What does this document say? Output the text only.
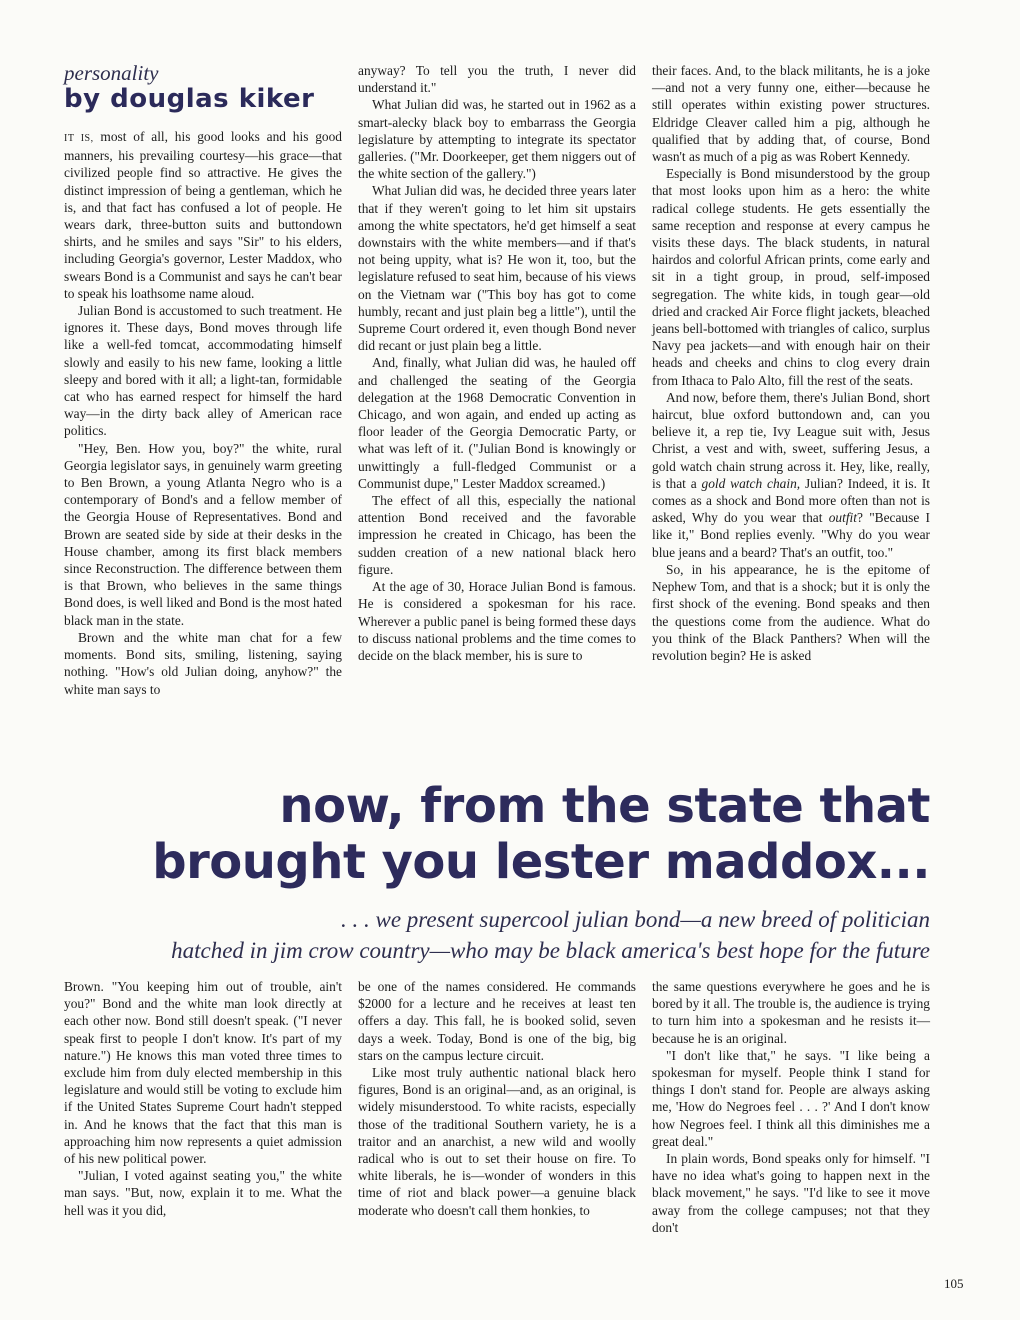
personality
by douglas kiker

IT IS, most of all, his good looks and his good manners, his prevailing courtesy—his grace—that civilized people find so attractive. He gives the distinct impression of being a gentleman, which he is, and that fact has confused a lot of people. He wears dark, three-button suits and buttondown shirts, and he smiles and says "Sir" to his elders, including Georgia's governor, Lester Maddox, who swears Bond is a Communist and says he can't bear to speak his loathsome name aloud.

Julian Bond is accustomed to such treatment. He ignores it. These days, Bond moves through life like a well-fed tomcat, accommodating himself slowly and easily to his new fame, looking a little sleepy and bored with it all; a light-tan, formidable cat who has earned respect for himself the hard way—in the dirty back alley of American race politics.

"Hey, Ben. How you, boy?" the white, rural Georgia legislator says, in genuinely warm greeting to Ben Brown, a young Atlanta Negro who is a contemporary of Bond's and a fellow member of the Georgia House of Representatives. Bond and Brown are seated side by side at their desks in the House chamber, among its first black members since Reconstruction. The difference between them is that Brown, who believes in the same things Bond does, is well liked and Bond is the most hated black man in the state.

Brown and the white man chat for a few moments. Bond sits, smiling, listening, saying nothing. "How's old Julian doing, anyhow?" the white man says to

anyway? To tell you the truth, I never did understand it."

What Julian did was, he started out in 1962 as a smart-alecky black boy to embarrass the Georgia legislature by attempting to integrate its spectator galleries. ("Mr. Doorkeeper, get them niggers out of the white section of the gallery.")

What Julian did was, he decided three years later that if they weren't going to let him sit upstairs among the white spectators, he'd get himself a seat downstairs with the white members—and if that's not being uppity, what is? He won it, too, but the legislature refused to seat him, because of his views on the Vietnam war ("This boy has got to come humbly, recant and just plain beg a little"), until the Supreme Court ordered it, even though Bond never did recant or just plain beg a little.

And, finally, what Julian did was, he hauled off and challenged the seating of the Georgia delegation at the 1968 Democratic Convention in Chicago, and won again, and ended up acting as floor leader of the Georgia Democratic Party, or what was left of it. ("Julian Bond is knowingly or unwittingly a full-fledged Communist or a Communist dupe," Lester Maddox screamed.)

The effect of all this, especially the national attention Bond received and the favorable impression he created in Chicago, has been the sudden creation of a new national black hero figure.

At the age of 30, Horace Julian Bond is famous. He is considered a spokesman for his race. Wherever a public panel is being formed these days to discuss national problems and the time comes to decide on the black member, his is sure to

their faces. And, to the black militants, he is a joke—and not a very funny one, either—because he still operates within existing power structures. Eldridge Cleaver called him a pig, although he qualified that by adding that, of course, Bond wasn't as much of a pig as was Robert Kennedy.

Especially is Bond misunderstood by the group that most looks upon him as a hero: the white radical college students. He gets essentially the same reception and response at every campus he visits these days. The black students, in natural hairdos and colorful African prints, come early and sit in a tight group, in proud, self-imposed segregation. The white kids, in tough gear—old dried and cracked Air Force flight jackets, bleached jeans bell-bottomed with triangles of calico, surplus Navy pea jackets—and with enough hair on their heads and cheeks and chins to clog every drain from Ithaca to Palo Alto, fill the rest of the seats.

And now, before them, there's Julian Bond, short haircut, blue oxford buttondown and, can you believe it, a rep tie, Ivy League suit with, Jesus Christ, a vest and with, sweet, suffering Jesus, a gold watch chain strung across it. Hey, like, really, is that a gold watch chain, Julian? Indeed, it is. It comes as a shock and Bond more often than not is asked, Why do you wear that outfit? "Because I like it," Bond replies evenly. "Why do you wear blue jeans and a beard? That's an outfit, too."

So, in his appearance, he is the epitome of Nephew Tom, and that is a shock; but it is only the first shock of the evening. Bond speaks and then the questions come from the audience. What do you think of the Black Panthers? When will the revolution begin? He is asked

now, from the state that
brought you lester maddox...
. . . we present supercool julian bond—a new breed of politician
hatched in jim crow country—who may be black america's best hope for the future

Brown. "You keeping him out of trouble, ain't you?" Bond and the white man look directly at each other now. Bond still doesn't speak. ("I never speak first to people I don't know. It's part of my nature.") He knows this man voted three times to exclude him from duly elected membership in this legislature and would still be voting to exclude him if the United States Supreme Court hadn't stepped in. And he knows that the fact that this man is approaching him now represents a quiet admission of his new political power.

"Julian, I voted against seating you," the white man says. "But, now, explain it to me. What the hell was it you did,

be one of the names considered. He commands $2000 for a lecture and he receives at least ten offers a day. This fall, he is booked solid, seven days a week. Today, Bond is one of the big, big stars on the campus lecture circuit.

Like most truly authentic national black hero figures, Bond is an original—and, as an original, is widely misunderstood. To white racists, especially those of the traditional Southern variety, he is a traitor and an anarchist, a new wild and woolly radical who is out to set their house on fire. To white liberals, he is—wonder of wonders in this time of riot and black power—a genuine black moderate who doesn't call them honkies, to

the same questions everywhere he goes and he is bored by it all. The trouble is, the audience is trying to turn him into a spokesman and he resists it—because he is an original.

"I don't like that," he says. "I like being a spokesman for myself. People think I stand for things I don't stand for. People are always asking me, 'How do Negroes feel . . . ?' And I don't know how Negroes feel. I think all this diminishes me a great deal."

In plain words, Bond speaks only for himself. "I have no idea what's going to happen next in the black movement," he says. "I'd like to see it move away from the college campuses; not that they don't

105
